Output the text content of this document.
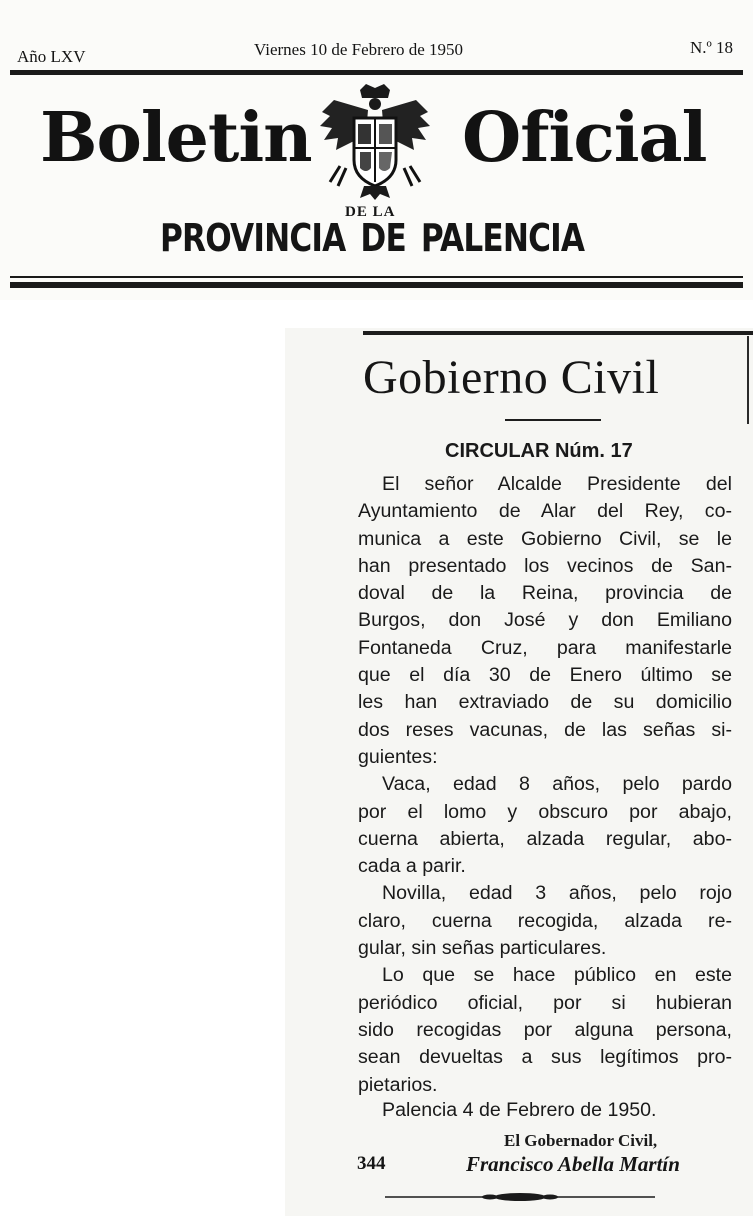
Año LXV	Viernes 10 de Febrero de 1950	N.º 18
Boletin Oficial
DE LA
PROVINCIA DE PALENCIA
Gobierno Civil
CIRCULAR Núm. 17
El señor Alcalde Presidente del
Ayuntamiento de Alar del Rey, co-
munica a este Gobierno Civil, se le
han presentado los vecinos de San-
doval de la Reina, provincia de
Burgos, don José y don Emiliano
Fontaneda Cruz, para manifestarle
que el día 30 de Enero último se
les han extraviado de su domicilio
dos reses vacunas, de las señas si-
guientes:
Vaca, edad 8 años, pelo pardo
por el lomo y obscuro por abajo,
cuerna abierta, alzada regular, abo-
cada a parir.
Novilla, edad 3 años, pelo rojo
claro, cuerna recogida, alzada re-
gular, sin señas particulares.
Lo que se hace público en este
periódico oficial, por si hubieran
sido recogidas por alguna persona,
sean devueltas a sus legítimos pro-
pietarios.
Palencia 4 de Febrero de 1950.
El Gobernador Civil,
344	Francisco Abella Martín
